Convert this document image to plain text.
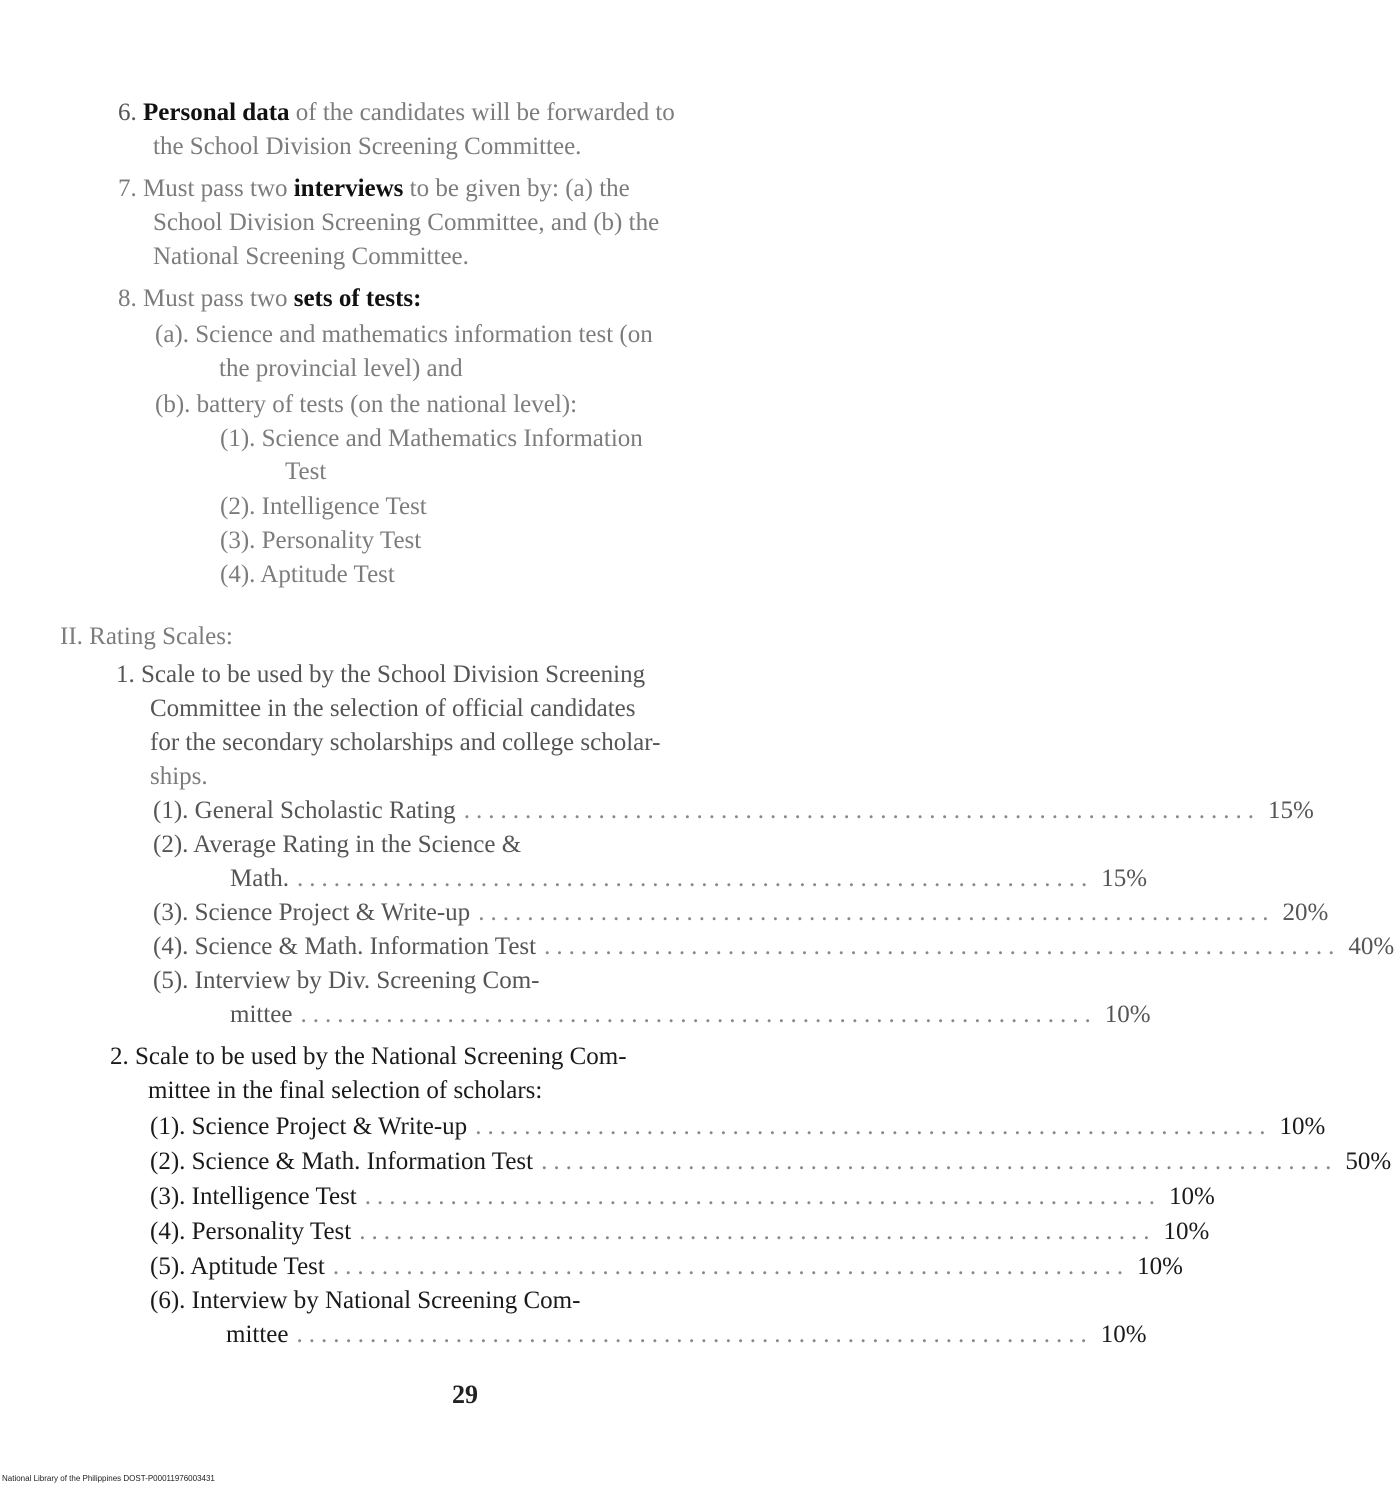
6. Personal data of the candidates will be forwarded to
the School Division Screening Committee.
7. Must pass two interviews to be given by: (a) the
School Division Screening Committee, and (b) the
National Screening Committee.
8. Must pass two sets of tests:
(a). Science and mathematics information test (on
the provincial level) and
(b). battery of tests (on the national level):
(1). Science and Mathematics Information
Test
(2). Intelligence Test
(3). Personality Test
(4). Aptitude Test
II. Rating Scales:
1. Scale to be used by the School Division Screening
Committee in the selection of official candidates
for the secondary scholarships and college scholar-
ships.
(1). General Scholastic Rating ................................................................. 15%
(2). Average Rating in the Science &
Math. ................................................................. 15%
(3). Science Project & Write-up ................................................................. 20%
(4). Science & Math. Information Test ................................................................. 40%
(5). Interview by Div. Screening Com-
mittee ................................................................. 10%
2. Scale to be used by the National Screening Com-
mittee in the final selection of scholars:
(1). Science Project & Write-up ................................................................. 10%
(2). Science & Math. Information Test ................................................................. 50%
(3). Intelligence Test ................................................................. 10%
(4). Personality Test ................................................................. 10%
(5). Aptitude Test ................................................................. 10%
(6). Interview by National Screening Com-
mittee ................................................................. 10%
29
National Library of the Philippines DOST-P00011976003431
